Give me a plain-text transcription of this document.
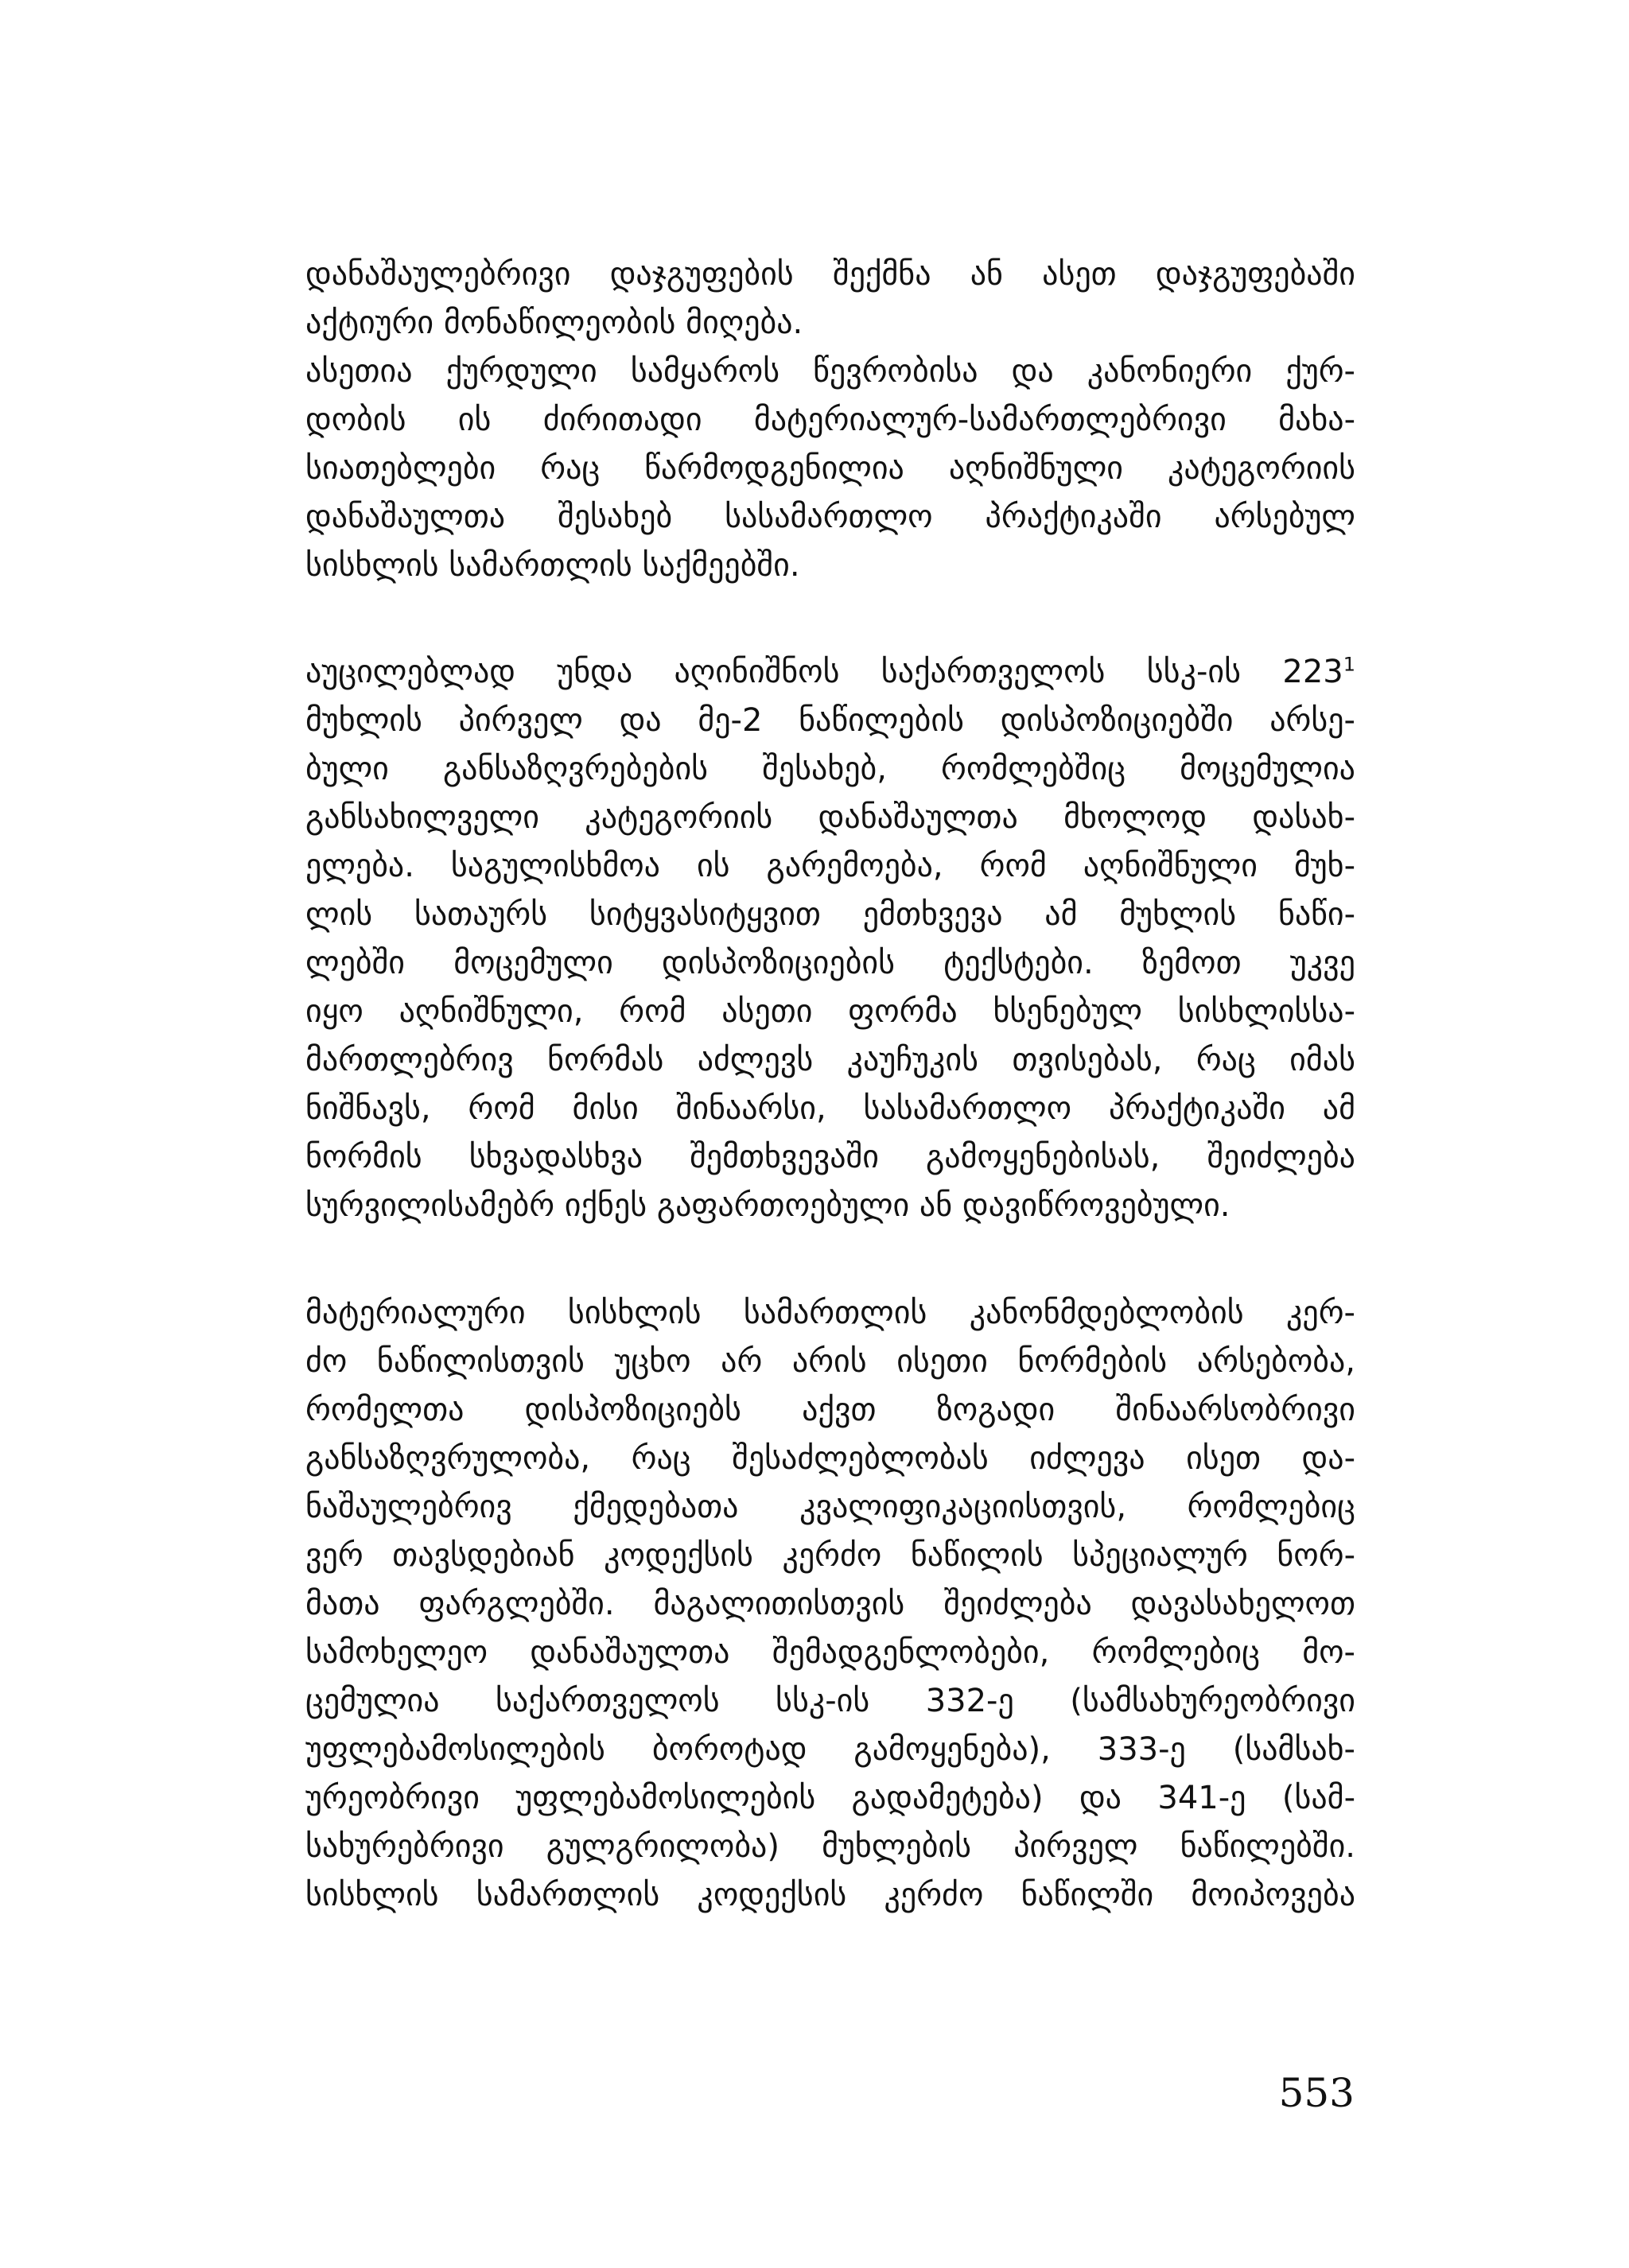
დანაშაულებრივი დაჯგუფების შექმნა ან ასეთ დაჯგუფებაში
აქტიური მონაწილეობის მიღება.
ასეთია ქურდული სამყაროს წევრობისა და კანონიერი ქურ-
დობის ის ძირითადი მატერიალურ-სამართლებრივი მახა-
სიათებლები რაც წარმოდგენილია აღნიშნული კატეგორიის
დანაშაულთა შესახებ სასამართლო პრაქტიკაში არსებულ
სისხლის სამართლის საქმეებში.
აუცილებლად უნდა აღინიშნოს საქართველოს სსკ-ის $223^1$
მუხლის პირველ და მე-2 ნაწილების დისპოზიციებში არსე-
ბული განსაზღვრებების შესახებ, რომლებშიც მოცემულია
განსახილველი კატეგორიის დანაშაულთა მხოლოდ დასახ-
ელება. საგულისხმოა ის გარემოება, რომ აღნიშნული მუხ-
ლის სათაურს სიტყვასიტყვით ემთხვევა ამ მუხლის ნაწი-
ლებში მოცემული დისპოზიციების ტექსტები. ზემოთ უკვე
იყო აღნიშნული, რომ ასეთი ფორმა ხსენებულ სისხლისსა-
მართლებრივ ნორმას აძლევს კაუჩუკის თვისებას, რაც იმას
ნიშნავს, რომ მისი შინაარსი, სასამართლო პრაქტიკაში ამ
ნორმის სხვადასხვა შემთხვევაში გამოყენებისას, შეიძლება
სურვილისამებრ იქნეს გაფართოებული ან დავიწროვებული.
მატერიალური სისხლის სამართლის კანონმდებლობის კერ-
ძო ნაწილისთვის უცხო არ არის ისეთი ნორმების არსებობა,
რომელთა დისპოზიციებს აქვთ ზოგადი შინაარსობრივი
განსაზღვრულობა, რაც შესაძლებლობას იძლევა ისეთ და-
ნაშაულებრივ ქმედებათა კვალიფიკაციისთვის, რომლებიც
ვერ თავსდებიან კოდექსის კერძო ნაწილის სპეციალურ ნორ-
მათა ფარგლებში. მაგალითისთვის შეიძლება დავასახელოთ
სამოხელეო დანაშაულთა შემადგენლობები, რომლებიც მო-
ცემულია საქართველოს სსკ-ის 332-ე (სამსახურეობრივი
უფლებამოსილების ბოროტად გამოყენება), 333-ე (სამსახ-
ურეობრივი უფლებამოსილების გადამეტება) და 341-ე (სამ-
სახურებრივი გულგრილობა) მუხლების პირველ ნაწილებში.
სისხლის სამართლის კოდექსის კერძო ნაწილში მოიპოვება
553
